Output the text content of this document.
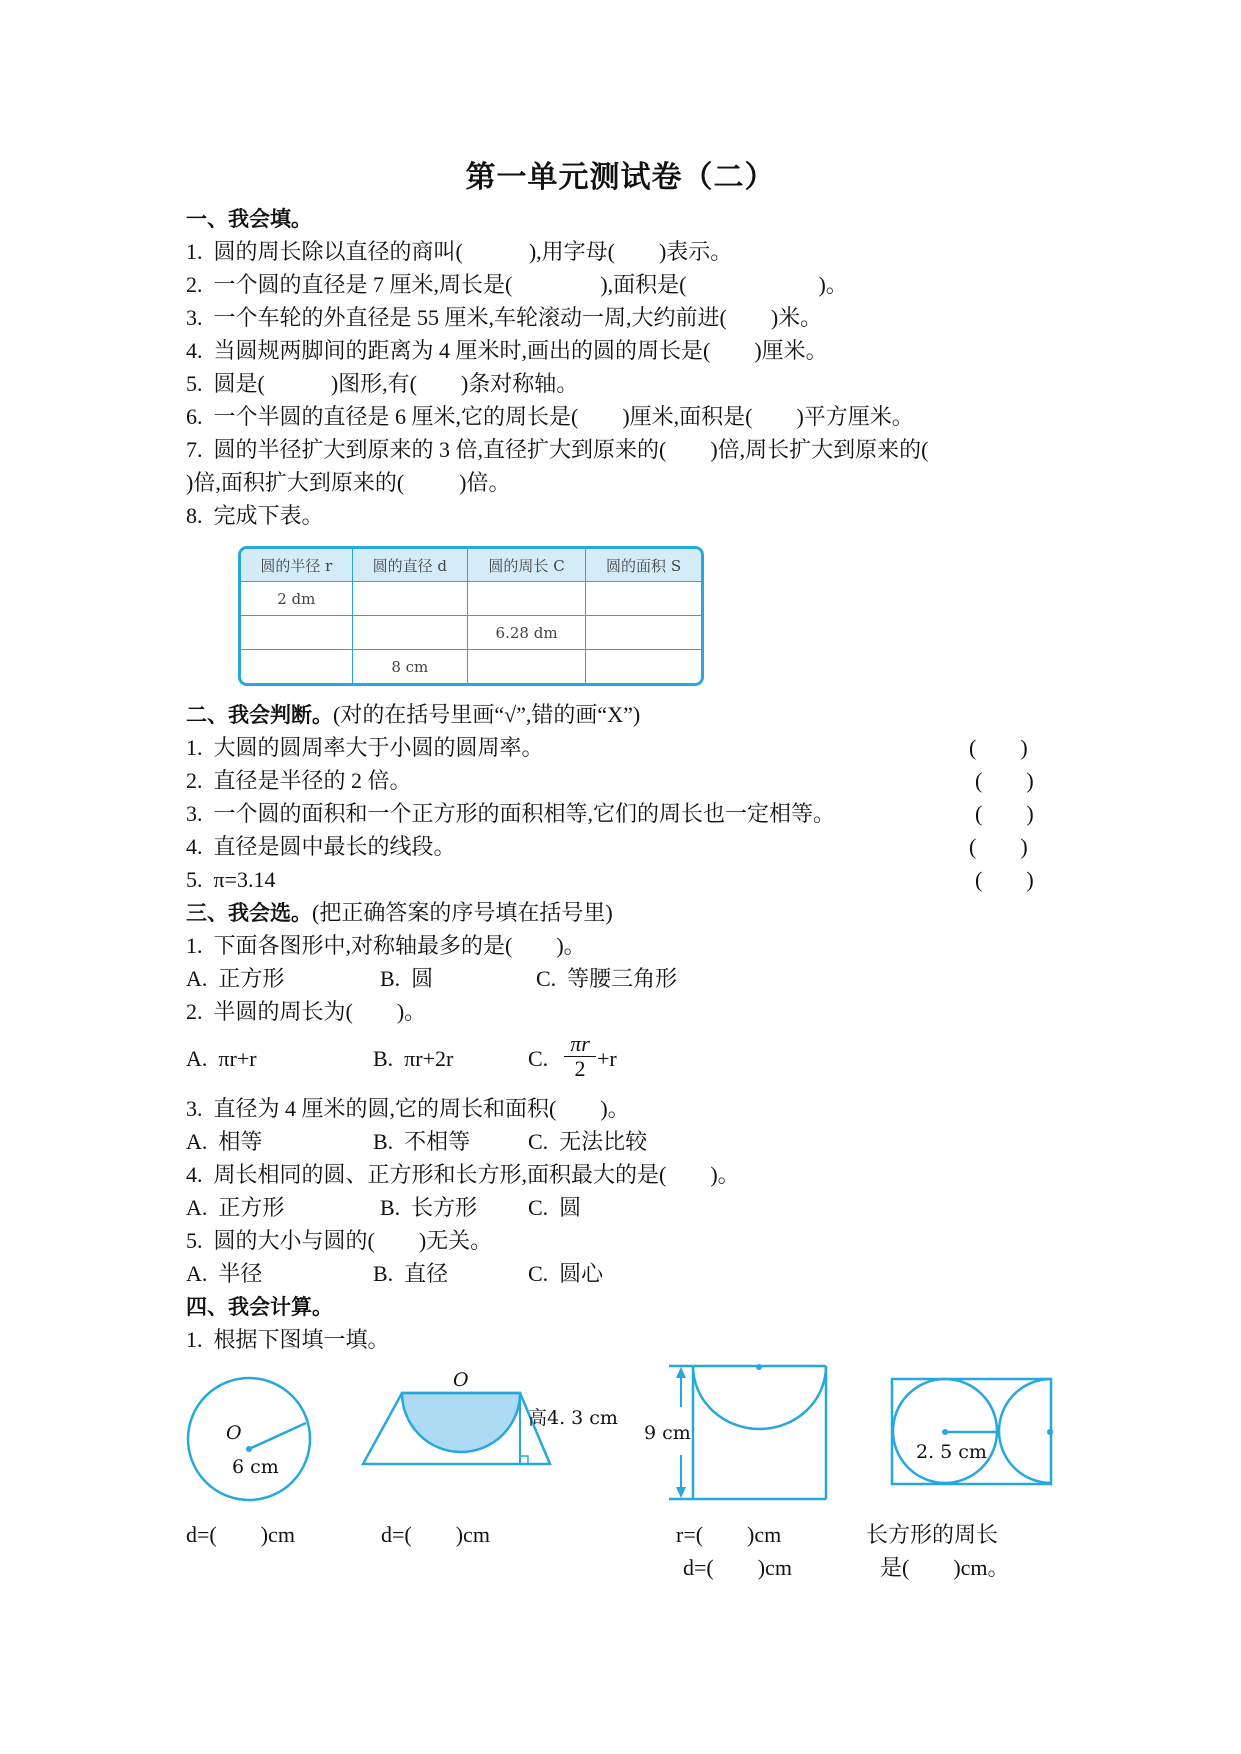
第一单元测试卷（二）
一、我会填。
1.  圆的周长除以直径的商叫(            ),用字母(        )表示。
2.  一个圆的直径是 7 厘米,周长是(                ),面积是(                        )。
3.  一个车轮的外直径是 55 厘米,车轮滚动一周,大约前进(        )米。
4.  当圆规两脚间的距离为 4 厘米时,画出的圆的周长是(        )厘米。
5.  圆是(            )图形,有(        )条对称轴。
6.  一个半圆的直径是 6 厘米,它的周长是(        )厘米,面积是(        )平方厘米。
7.  圆的半径扩大到原来的 3 倍,直径扩大到原来的(        )倍,周长扩大到原来的(
)倍,面积扩大到原来的(          )倍。
8.  完成下表。
圆的半径 r	圆的直径 d	圆的周长 C	圆的面积 S
2 dm			
		6.28 dm	
	8 cm		
二、我会判断。(对的在括号里画“√”,错的画“X”)
1.  大圆的圆周率大于小圆的圆周率。	(        )
2.  直径是半径的 2 倍。	(        )
3.  一个圆的面积和一个正方形的面积相等,它们的周长也一定相等。	(        )
4.  直径是圆中最长的线段。	(        )
5.  π=3.14	(        )
三、我会选。(把正确答案的序号填在括号里)
1.  下面各图形中,对称轴最多的是(        )。
A.  正方形	B.  圆	C.  等腰三角形
2.  半圆的周长为(        )。
A.  πr+r	B.  πr+2r	C. $\frac{\pi r}{2} +r$
3.  直径为 4 厘米的圆,它的周长和面积(        )。
A.  相等	B.  不相等	C.  无法比较
4.  周长相同的圆、正方形和长方形,面积最大的是(        )。
A.  正方形	B.  长方形 C.  圆
5.  圆的大小与圆的(        )无关。
A.  半径	B.  直径	C.  圆心
四、我会计算。
1.  根据下图填一填。
O
6 cm
O
高4. 3 cm
9 cm
2. 5 cm
d=(        )cm	d=(        )cm	r=(        )cm
d=(        )cm
长方形的周长
是(        )cm。
